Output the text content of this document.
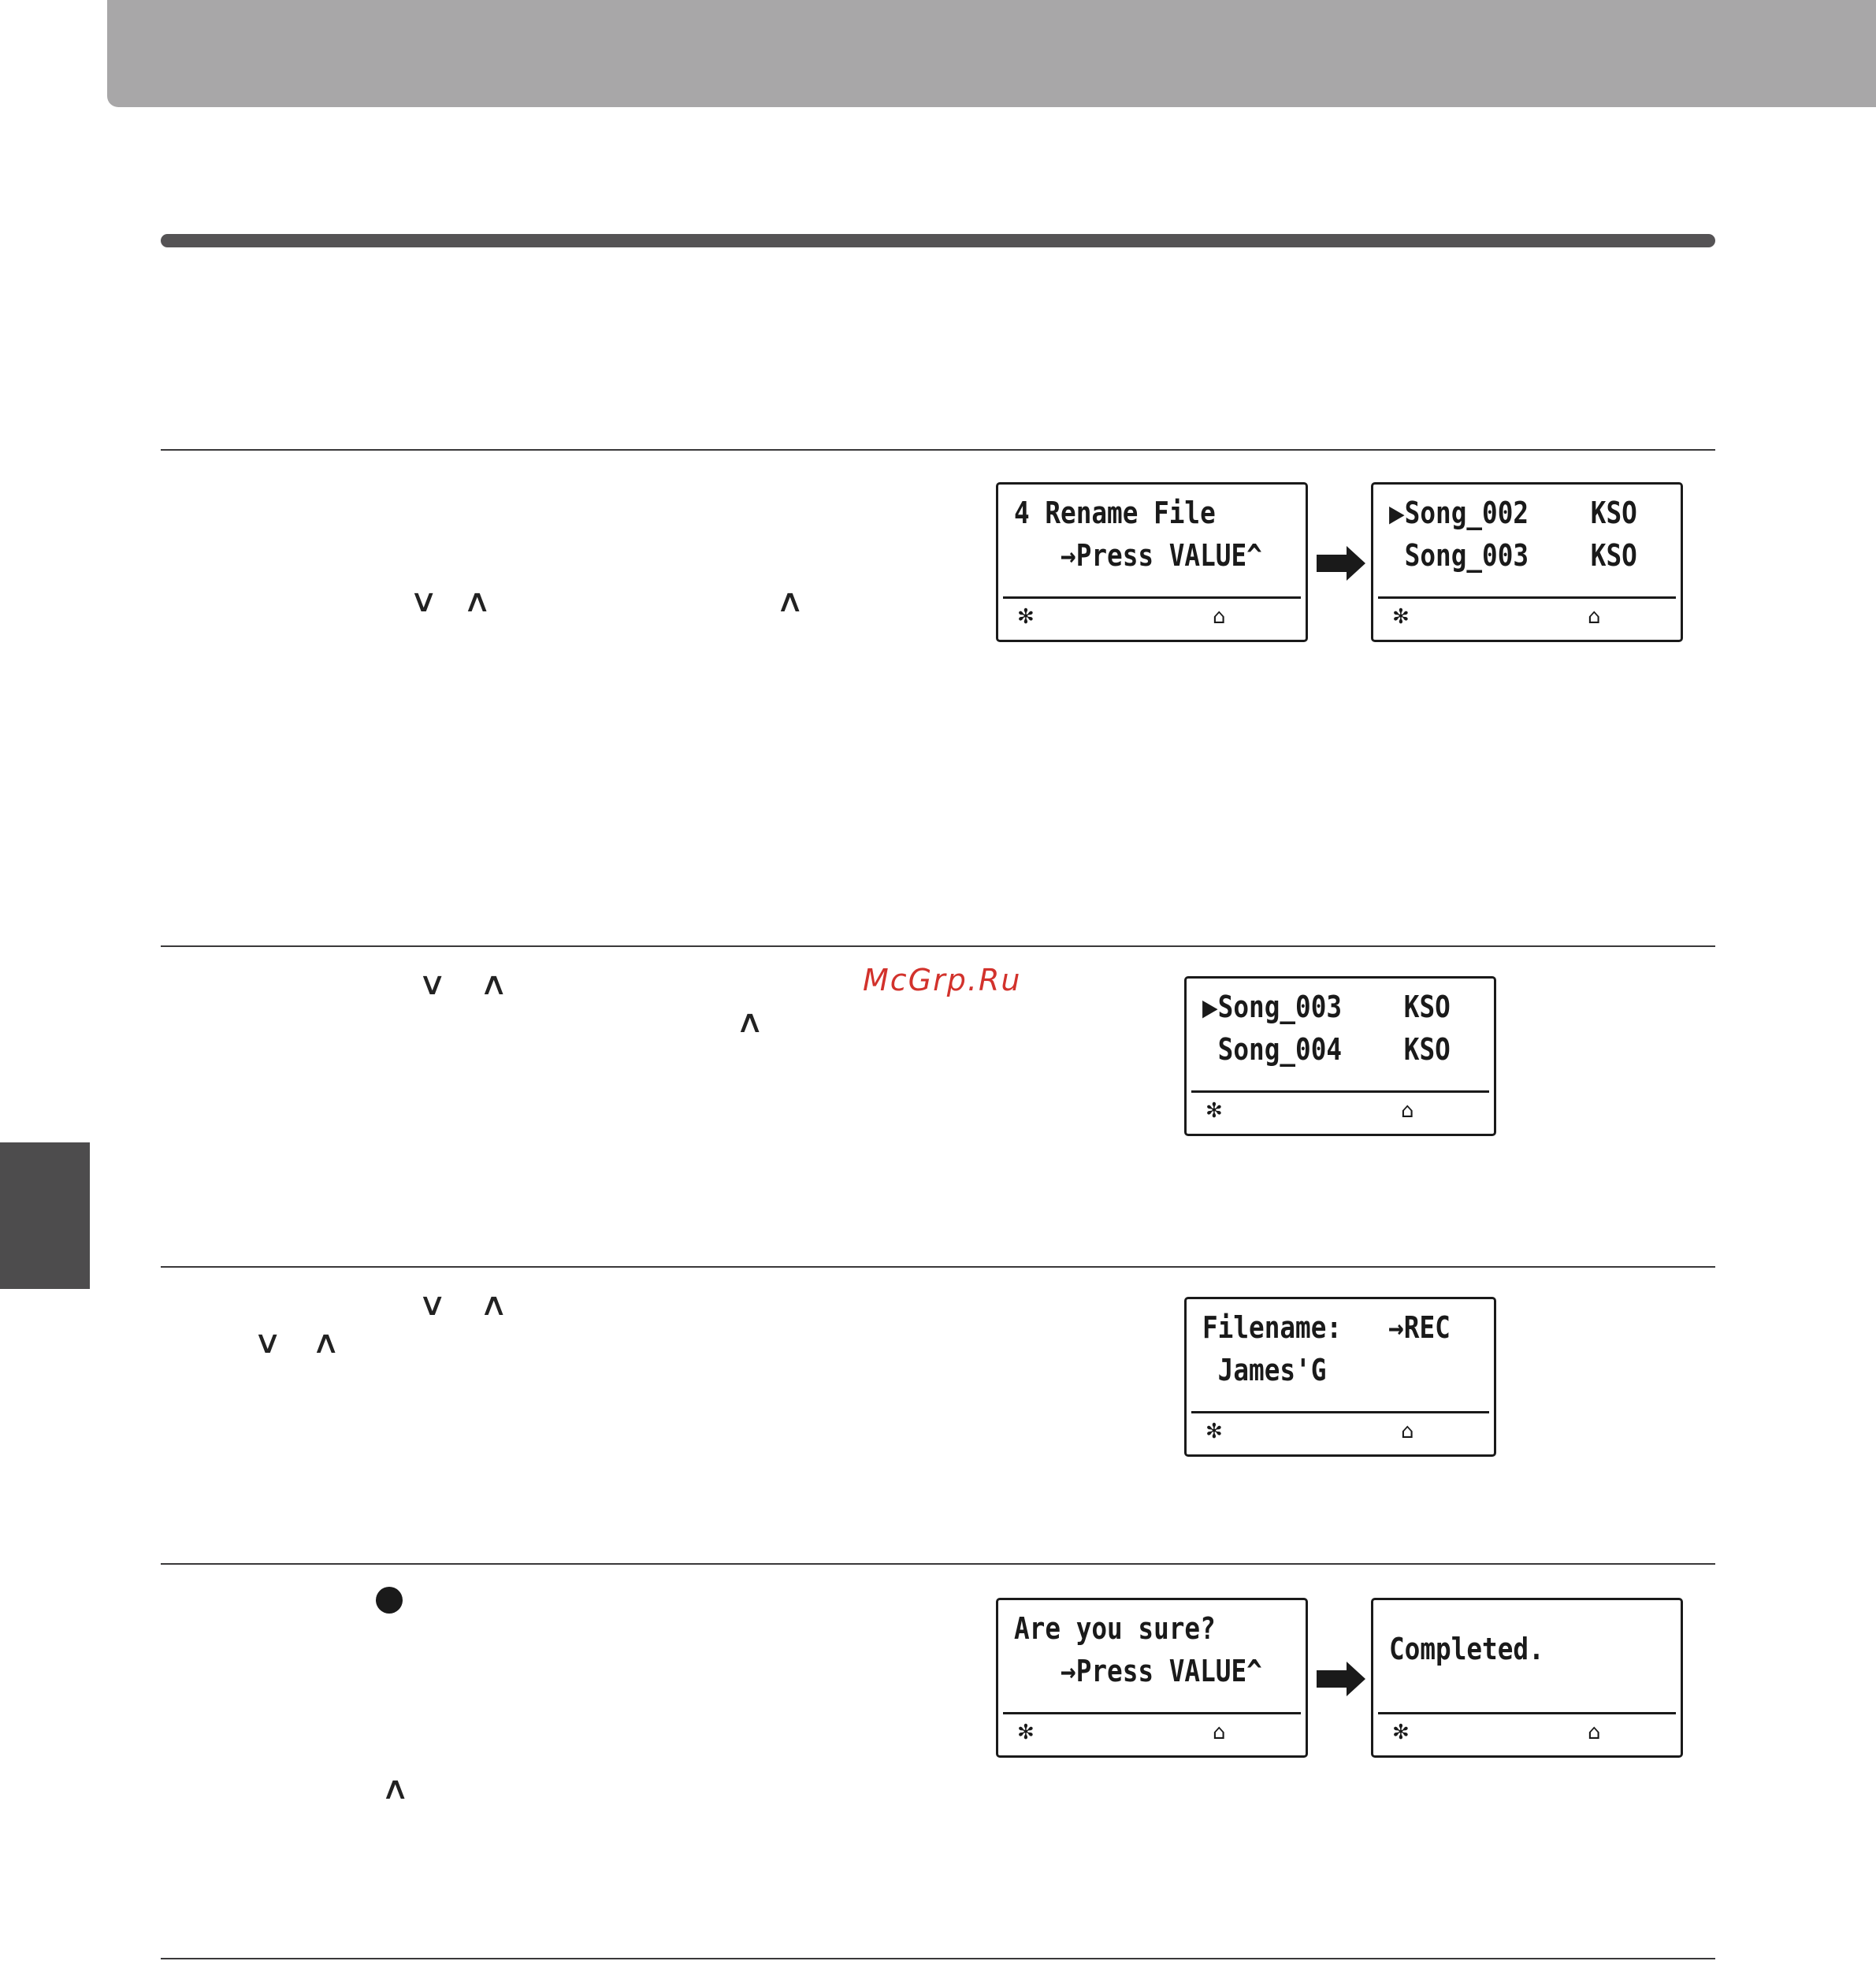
∨ ∧	∧
∨ ∧
∧
∨ ∧
∨ ∧
∧
McGrp.Ru
4 Rename File
→Press VALUE^
✻	⌂
▶Song_002    KSO
Song_003    KSO
✻	⌂
▶Song_003    KSO
Song_004    KSO
✻	⌂
Filename:   →REC
James'G
✻	⌂
Are you sure?
→Press VALUE^
✻	⌂
Completed.
✻	⌂
